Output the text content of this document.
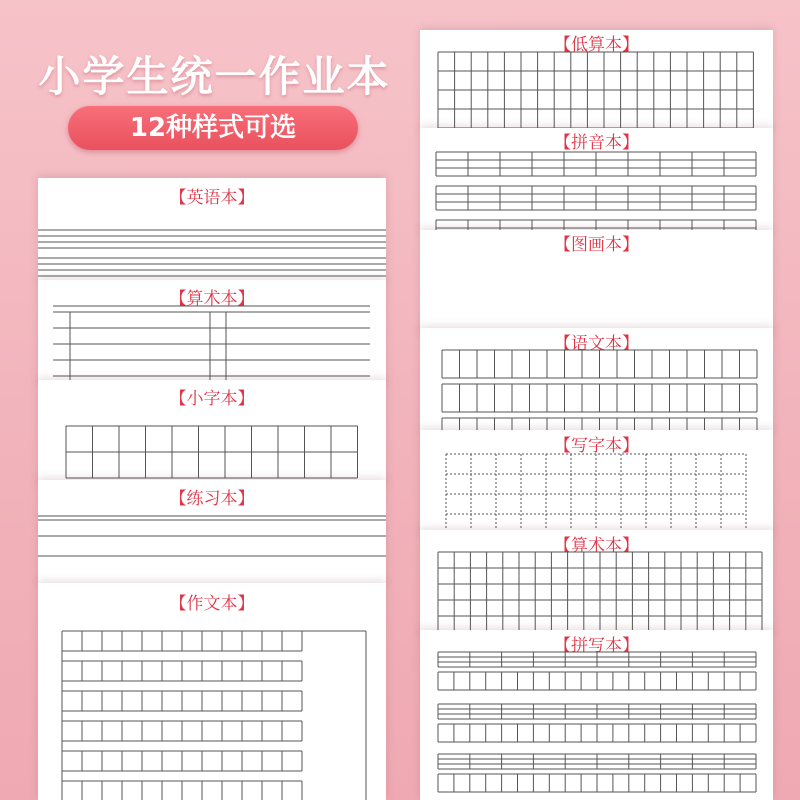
小学生统一作业本
12种样式可选
【英语本】
【算术本】
【小字本】
【练习本】
【作文本】
【低算本】
【拼音本】
【图画本】
【语文本】
【写字本】
【算术本】
【拼写本】
